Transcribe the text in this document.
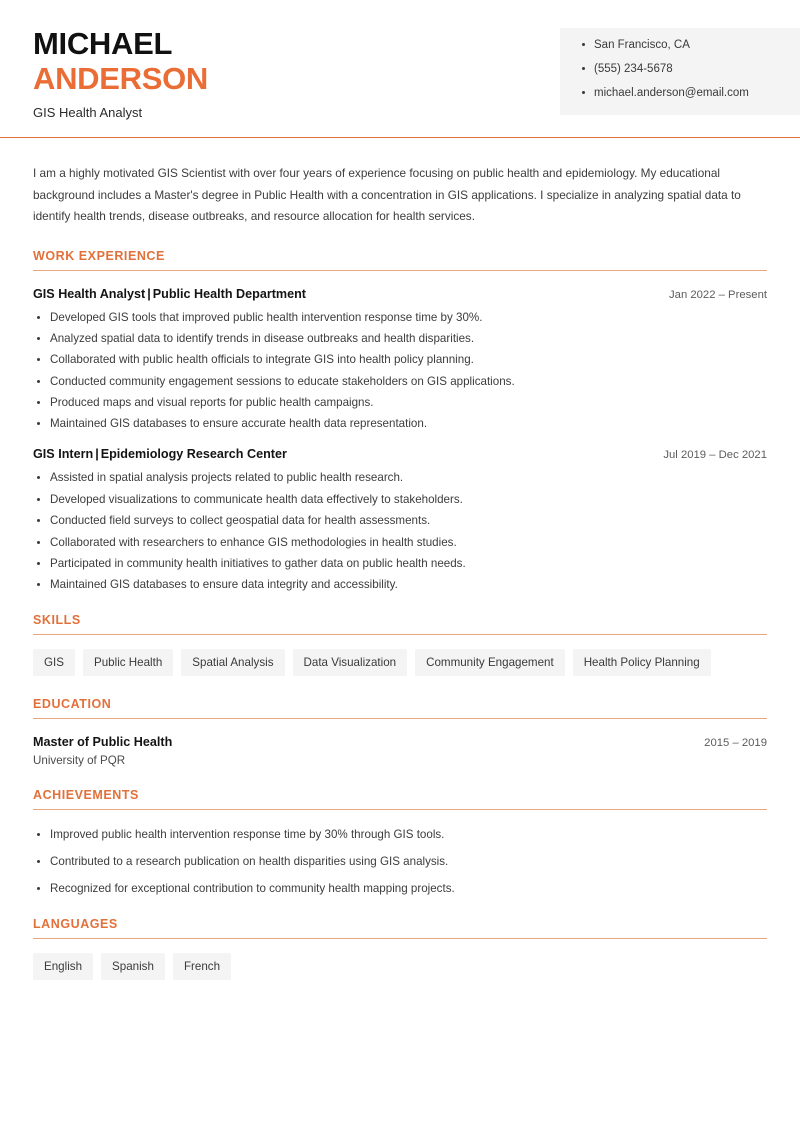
MICHAEL
ANDERSON
GIS Health Analyst
San Francisco, CA
(555) 234-5678
michael.anderson@email.com
I am a highly motivated GIS Scientist with over four years of experience focusing on public health and epidemiology. My educational background includes a Master's degree in Public Health with a concentration in GIS applications. I specialize in analyzing spatial data to identify health trends, disease outbreaks, and resource allocation for health services.
WORK EXPERIENCE
GIS Health Analyst | Public Health Department	Jan 2022 – Present
Developed GIS tools that improved public health intervention response time by 30%.
Analyzed spatial data to identify trends in disease outbreaks and health disparities.
Collaborated with public health officials to integrate GIS into health policy planning.
Conducted community engagement sessions to educate stakeholders on GIS applications.
Produced maps and visual reports for public health campaigns.
Maintained GIS databases to ensure accurate health data representation.
GIS Intern | Epidemiology Research Center	Jul 2019 – Dec 2021
Assisted in spatial analysis projects related to public health research.
Developed visualizations to communicate health data effectively to stakeholders.
Conducted field surveys to collect geospatial data for health assessments.
Collaborated with researchers to enhance GIS methodologies in health studies.
Participated in community health initiatives to gather data on public health needs.
Maintained GIS databases to ensure data integrity and accessibility.
SKILLS
GIS	Public Health	Spatial Analysis	Data Visualization	Community Engagement	Health Policy Planning
EDUCATION
Master of Public Health	2015 – 2019
University of PQR
ACHIEVEMENTS
Improved public health intervention response time by 30% through GIS tools.
Contributed to a research publication on health disparities using GIS analysis.
Recognized for exceptional contribution to community health mapping projects.
LANGUAGES
English	Spanish	French
